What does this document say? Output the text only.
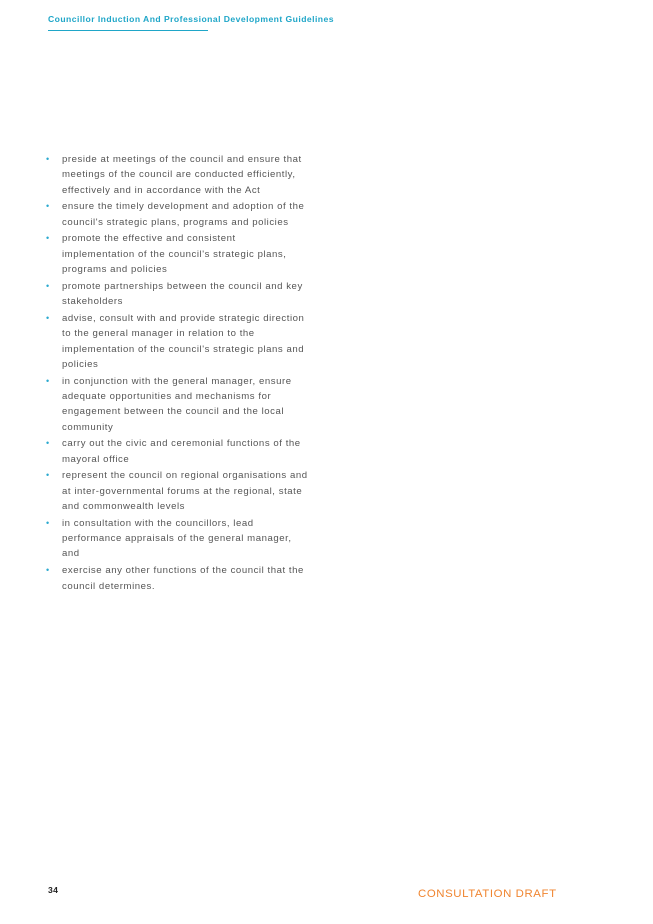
Councillor Induction And Professional Development Guidelines
• preside at meetings of the council and ensure that meetings of the council are conducted efficiently, effectively and in accordance with the Act
• ensure the timely development and adoption of the council's strategic plans, programs and policies
• promote the effective and consistent implementation of the council's strategic plans, programs and policies
• promote partnerships between the council and key stakeholders
• advise, consult with and provide strategic direction to the general manager in relation to the implementation of the council's strategic plans and policies
• in conjunction with the general manager, ensure adequate opportunities and mechanisms for engagement between the council and the local community
• carry out the civic and ceremonial functions of the mayoral office
• represent the council on regional organisations and at inter-governmental forums at the regional, state and commonwealth levels
• in consultation with the councillors, lead performance appraisals of the general manager, and
• exercise any other functions of the council that the council determines.
34	CONSULTATION DRAFT
